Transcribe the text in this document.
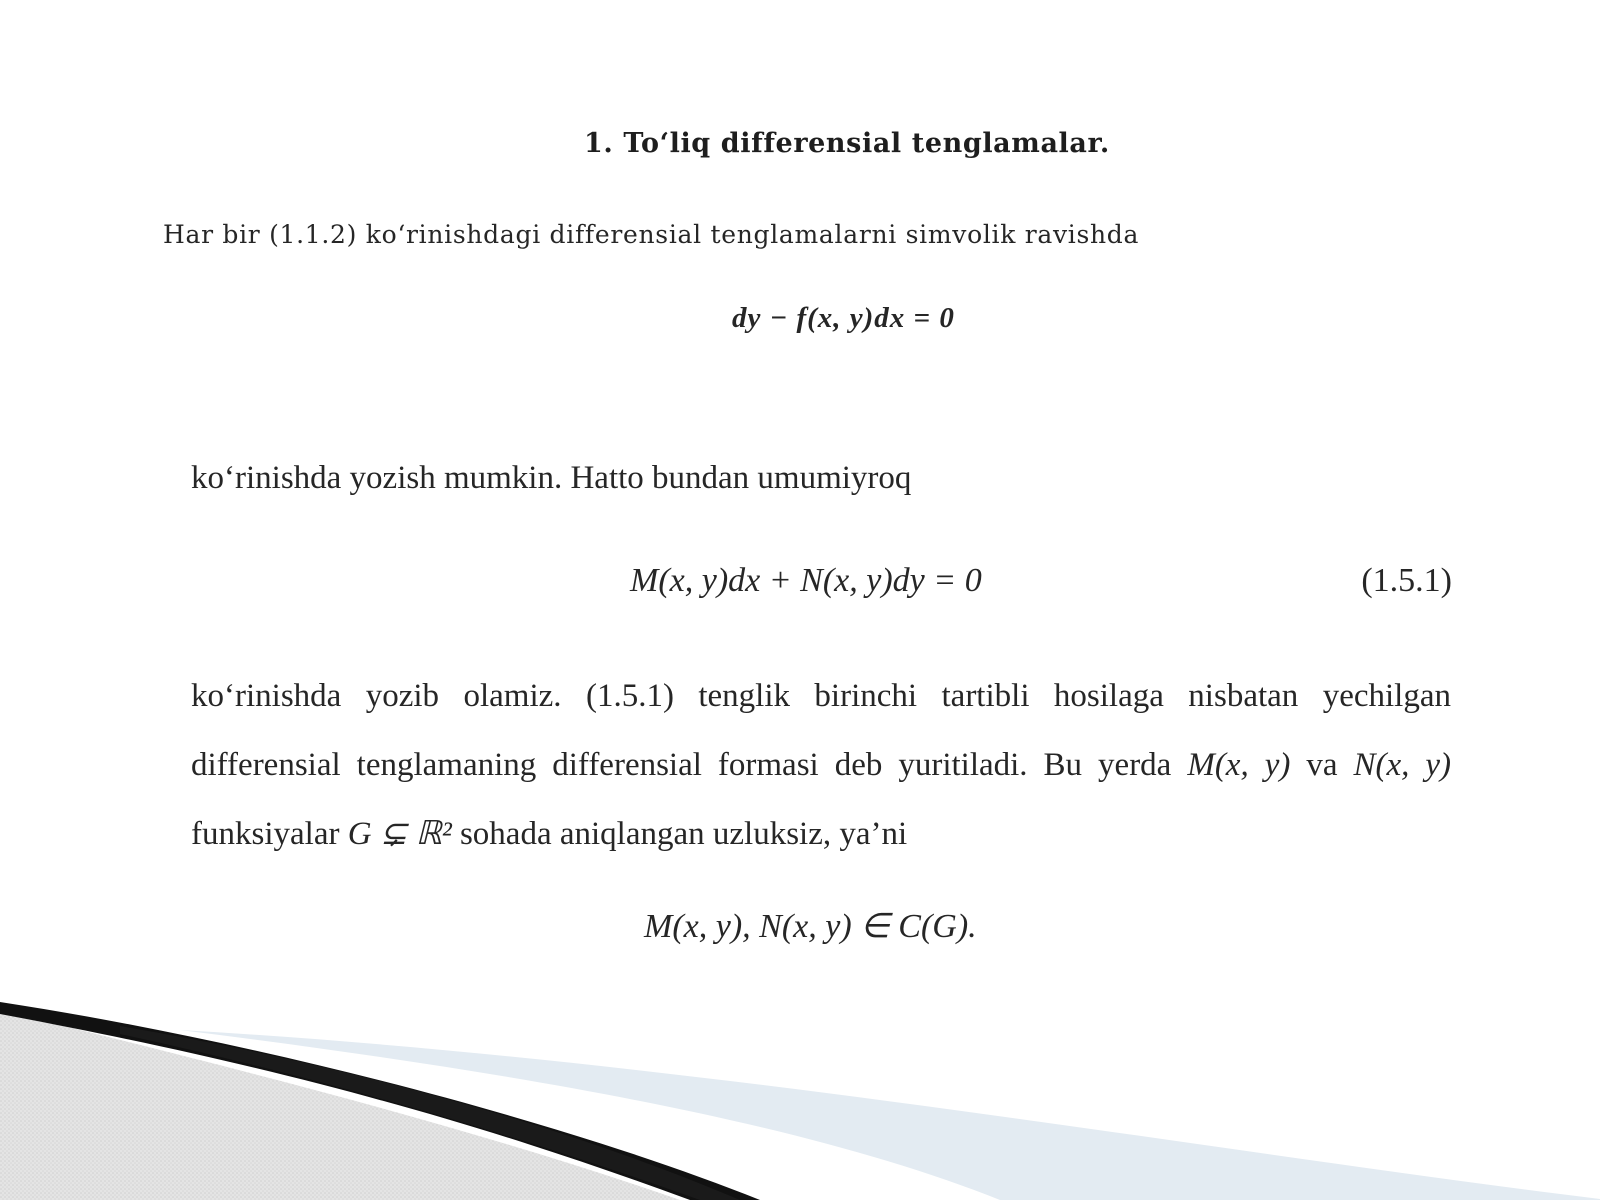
1. To‘liq differensial tenglamalar.
Har bir (1.1.2) ko‘rinishdagi differensial tenglamalarni simvolik ravishda
dy − f(x, y)dx = 0
ko‘rinishda yozish mumkin. Hatto bundan umumiyroq
M(x, y)dx + N(x, y)dy = 0	(1.5.1)
ko‘rinishda yozib olamiz. (1.5.1) tenglik birinchi tartibli hosilaga nisbatan yechilgan
differensial tenglamaning differensial formasi deb yuritiladi. Bu yerda M(x, y) va N(x, y)
funksiyalar G ⊊ ℝ² sohada aniqlangan uzluksiz, ya’ni
M(x, y), N(x, y) ∈ C(G).
